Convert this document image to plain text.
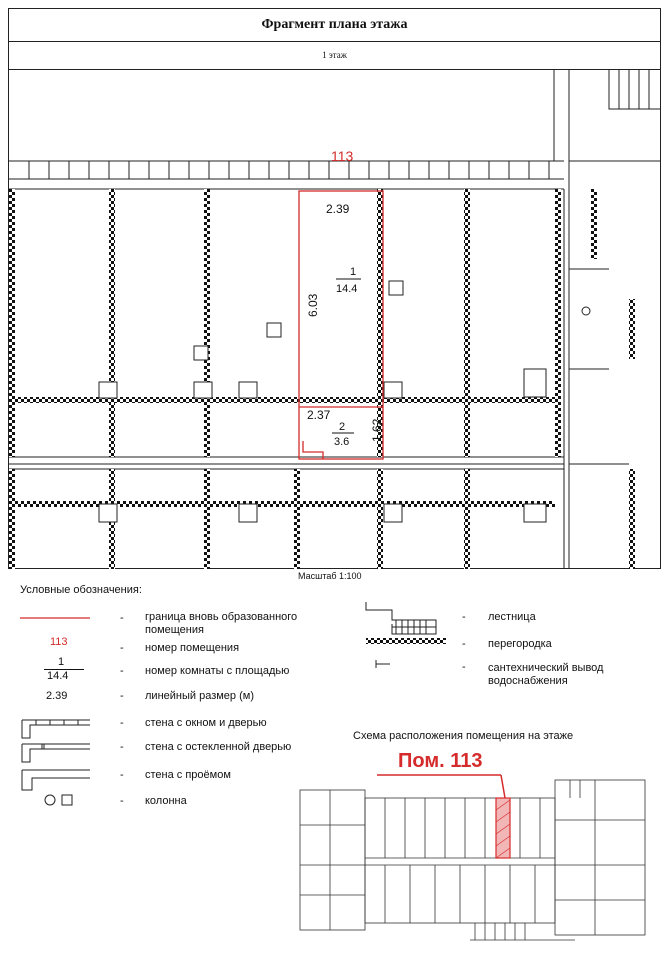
Фрагмент плана этажа
1 этаж
113
2.39
6.03
1
14.4
2.37
2
3.6 1.62
Масштаб 1:100
Условные обозначения:
113
1
14.4
2.39
-
-
-
-
-
-
-
-
граница вновь образованного помещения
номер помещения
номер комнаты с площадью
линейный размер (м)
стена с окном и дверью
стена с остекленной дверью
стена с проёмом
колонна
-
-
-
лестница
перегородка
сантехнический вывод водоснабжения
Схема расположения помещения на этаже
Пом. 113
